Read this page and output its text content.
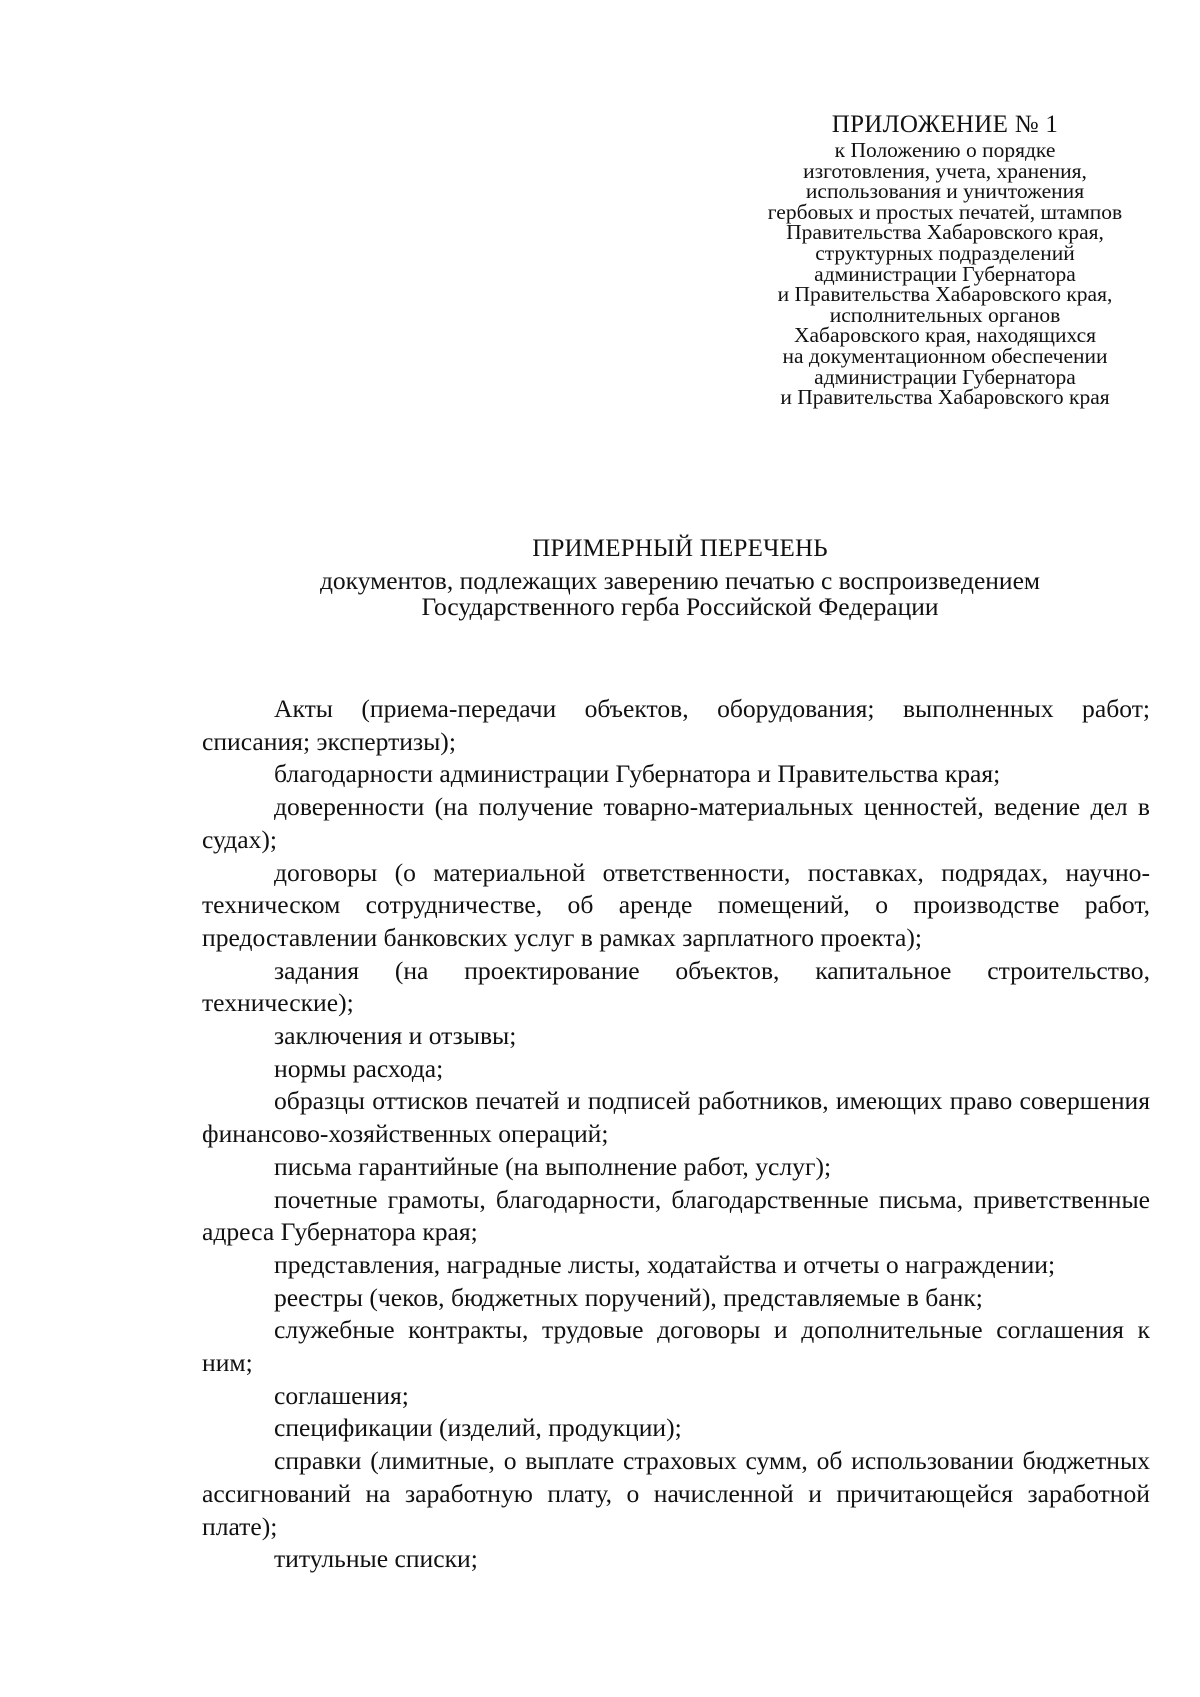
ПРИЛОЖЕНИЕ № 1
к Положению о порядке
изготовления, учета, хранения,
использования и уничтожения
гербовых и простых печатей, штампов
Правительства Хабаровского края,
структурных подразделений
администрации Губернатора
и Правительства Хабаровского края,
исполнительных органов
Хабаровского края, находящихся
на документационном обеспечении
администрации Губернатора
и Правительства Хабаровского края
ПРИМЕРНЫЙ ПЕРЕЧЕНЬ
документов, подлежащих заверению печатью с воспроизведением
Государственного герба Российской Федерации

Акты (приема-передачи объектов, оборудования; выполненных работ; списания; экспертизы);

благодарности администрации Губернатора и Правительства края;

доверенности (на получение товарно-материальных ценностей, ведение дел в судах);

договоры (о материальной ответственности, поставках, подрядах, научно-техническом сотрудничестве, об аренде помещений, о производстве работ, предоставлении банковских услуг в рамках зарплатного проекта);

задания (на проектирование объектов, капитальное строительство, технические);

заключения и отзывы;

нормы расхода;

образцы оттисков печатей и подписей работников, имеющих право совершения финансово-хозяйственных операций;

письма гарантийные (на выполнение работ, услуг);

почетные грамоты, благодарности, благодарственные письма, приветственные адреса Губернатора края;

представления, наградные листы, ходатайства и отчеты о награждении;

реестры (чеков, бюджетных поручений), представляемые в банк;

служебные контракты, трудовые договоры и дополнительные соглашения к ним;

соглашения;

спецификации (изделий, продукции);

справки (лимитные, о выплате страховых сумм, об использовании бюджетных ассигнований на заработную плату, о начисленной и причитающейся заработной плате);

титульные списки;
